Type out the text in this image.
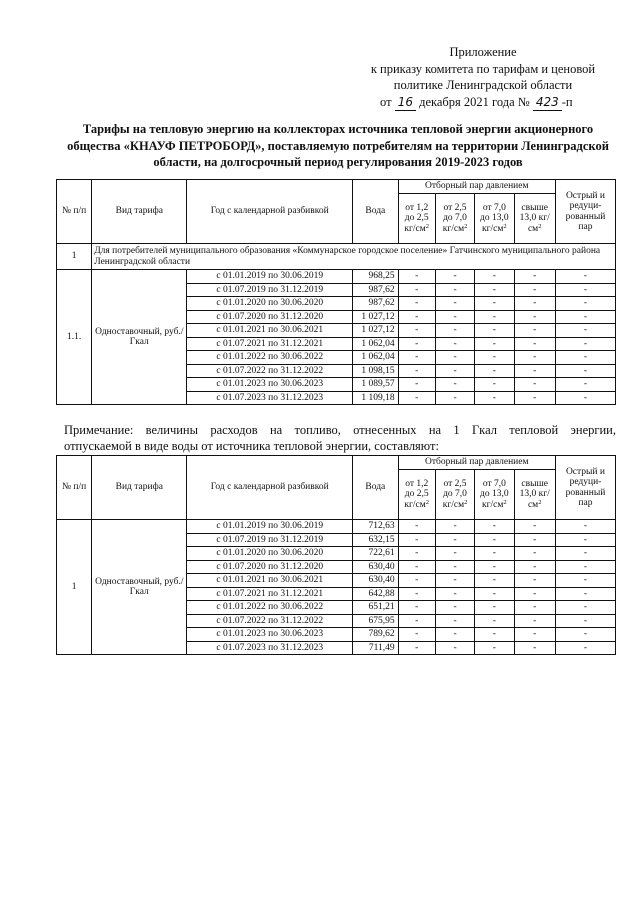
Приложение
к приказу комитета по тарифам и ценовой
политике Ленинградской области
от 16 декабря 2021 года № 423 -п
Тарифы на тепловую энергию на коллекторах источника тепловой энергии акционерного общества «КНАУФ ПЕТРОБОРД», поставляемую потребителям на территории Ленинградской области, на долгосрочный период регулирования 2019-2023 годов
№ п/п	Вид тарифа	Год с календарной разбивкой	Вода	Отборный пар давлением				Острый и редуци-рованный пар
				от 1,2 до 2,5 $кг/см^2$	от 2,5 до 7,0 $кг/см^2$	от 7,0 до 13,0 $кг/см^2$	свыше 13,0 $кг/см^2$
1	Для потребителей муниципального образования «Коммунарское городское поселение» Гатчинского муниципального района Ленинградской области							
1.1.	Одноставочный, руб./Гкал	с 01.01.2019 по 30.06.2019	968,25	-	-	-	-	-
		с 01.07.2019 по 31.12.2019	987,62	-	-	-	-	-
		с 01.01.2020 по 30.06.2020	987,62	-	-	-	-	-
		с 01.07.2020 по 31.12.2020	1 027,12	-	-	-	-	-
		с 01.01.2021 по 30.06.2021	1 027,12	-	-	-	-	-
		с 01.07.2021 по 31.12.2021	1 062,04	-	-	-	-	-
		с 01.01.2022 по 30.06.2022	1 062,04	-	-	-	-	-
		с 01.07.2022 по 31.12.2022	1 098,15	-	-	-	-	-
		с 01.01.2023 по 30.06.2023	1 089,57	-	-	-	-	-
		с 01.07.2023 по 31.12.2023	1 109,18	-	-	-	-	-
Примечание: величины расходов на топливо, отнесенных на 1 Гкал тепловой энергии,
отпускаемой в виде воды от источника тепловой энергии, составляют:
№ п/п	Вид тарифа	Год с календарной разбивкой	Вода	Отборный пар давлением				Острый и редуци-рованный пар
				от 1,2 до 2,5 $кг/см^2$	от 2,5 до 7,0 $кг/см^2$	от 7,0 до 13,0 $кг/см^2$	свыше 13,0 $кг/см^2$
1	Одноставочный, руб./Гкал	с 01.01.2019 по 30.06.2019	712,63	-	-	-	-	-
		с 01.07.2019 по 31.12.2019	632,15	-	-	-	-	-
		с 01.01.2020 по 30.06.2020	722,61	-	-	-	-	-
		с 01.07.2020 по 31.12.2020	630,40	-	-	-	-	-
		с 01.01.2021 по 30.06.2021	630,40	-	-	-	-	-
		с 01.07.2021 по 31.12.2021	642,88	-	-	-	-	-
		с 01.01.2022 по 30.06.2022	651,21	-	-	-	-	-
		с 01.07.2022 по 31.12.2022	675,95	-	-	-	-	-
		с 01.01.2023 по 30.06.2023	789,62	-	-	-	-	-
		с 01.07.2023 по 31.12.2023	711,49	-	-	-	-	-
